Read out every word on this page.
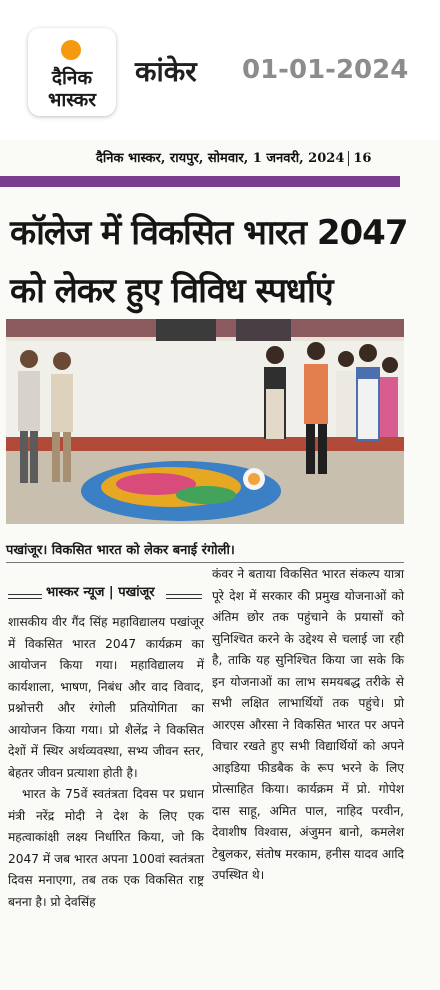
दैनिक
भास्कर
कांकेर 01-01-2024
दैनिक भास्कर, रायपुर, सोमवार, 1 जनवरी, 2024 16
कॉलेज में विकसित भारत 2047
को लेकर हुए विविध स्पर्धाएं
पखांजूर। विकसित भारत को लेकर बनाई रंगोली।
भास्कर न्यूज | पखांजूर

शासकीय वीर गैंद सिंह महाविद्यालय पखांजूर में विकसित भारत 2047 कार्यक्रम का आयोजन किया गया। महाविद्यालय में कार्यशाला, भाषण, निबंध और वाद विवाद, प्रश्नोत्तरी और रंगोली प्रतियोगिता का आयोजन किया गया। प्रो शैलेंद्र ने विकसित देशों में स्थिर अर्थव्यवस्था, सभ्य जीवन स्तर, बेहतर जीवन प्रत्याशा होती है।

भारत के 75वें स्वतंत्रता दिवस पर प्रधान मंत्री नरेंद्र मोदी ने देश के लिए एक महत्वाकांक्षी लक्ष्य निर्धारित किया, जो कि 2047 में जब भारत अपना 100वां स्वतंत्रता दिवस मनाएगा, तब तक एक विकसित राष्ट्र बनना है। प्रो देवसिंह

कंवर ने बताया विकसित भारत संकल्प यात्रा पूरे देश में सरकार की प्रमुख योजनाओं को अंतिम छोर तक पहुंचाने के प्रयासों को सुनिश्चित करने के उद्देश्य से चलाई जा रही है, ताकि यह सुनिश्चित किया जा सके कि इन योजनाओं का लाभ समयबद्ध तरीके से सभी लक्षित लाभार्थियों तक पहुंचे। प्रो आरएस औरसा ने विकसित भारत पर अपने विचार रखते हुए सभी विद्यार्थियों को अपने आइडिया फीडबैक के रूप भरने के लिए प्रोत्साहित किया। कार्यक्रम में प्रो. गोपेश दास साहू, अमित पाल, नाहिद परवीन, देवाशीष विश्वास, अंजुमन बानो, कमलेश टेबुलकर, संतोष मरकाम, हनीस यादव आदि उपस्थित थे।
